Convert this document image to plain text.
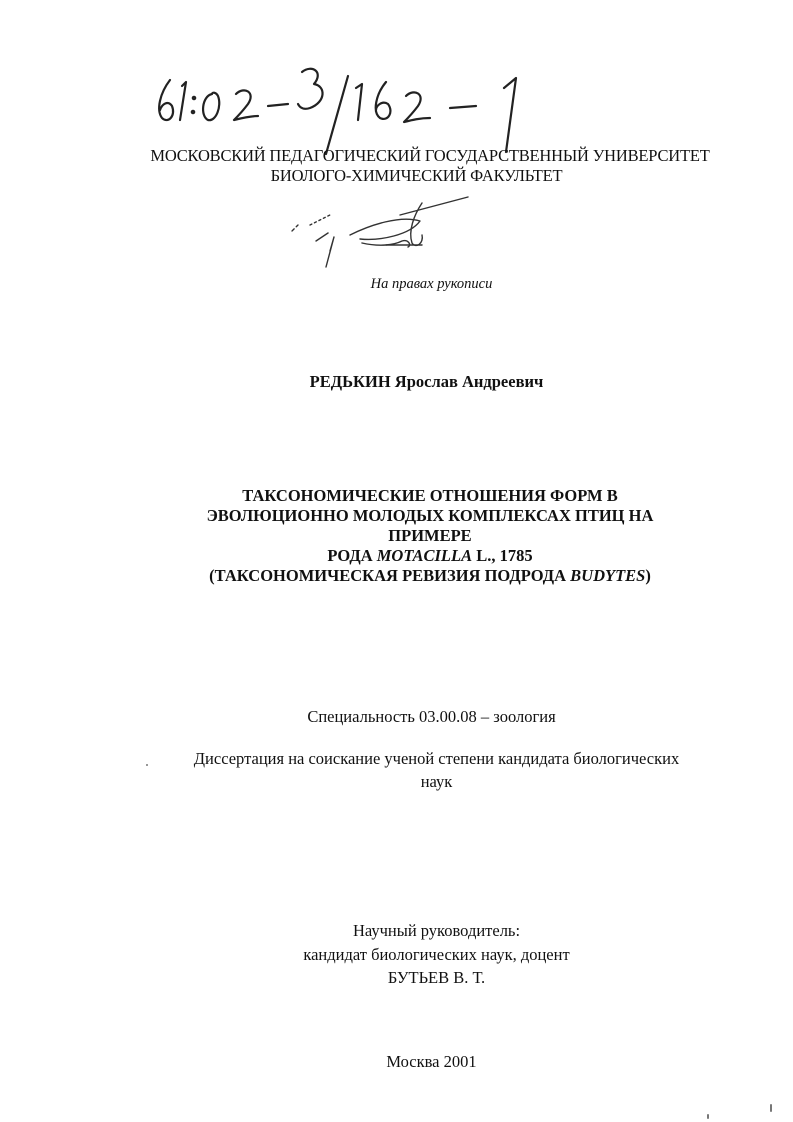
МОСКОВСКИЙ ПЕДАГОГИЧЕСКИЙ ГОСУДАРСТВЕННЫЙ УНИВЕРСИТЕТ
БИОЛОГО-ХИМИЧЕСКИЙ ФАКУЛЬТЕТ
На правах рукописи
РЕДЬКИН Ярослав Андреевич
ТАКСОНОМИЧЕСКИЕ ОТНОШЕНИЯ ФОРМ В
ЭВОЛЮЦИОННО МОЛОДЫХ КОМПЛЕКСАХ ПТИЦ НА
ПРИМЕРЕ
РОДА MOTACILLA L., 1785
(ТАКСОНОМИЧЕСКАЯ РЕВИЗИЯ ПОДРОДА BUDYTES)
Специальность 03.00.08 – зоология
Диссертация на соискание ученой степени кандидата биологических
наук
Научный руководитель:
кандидат биологических наук, доцент
БУТЬЕВ В. Т.
Москва 2001
